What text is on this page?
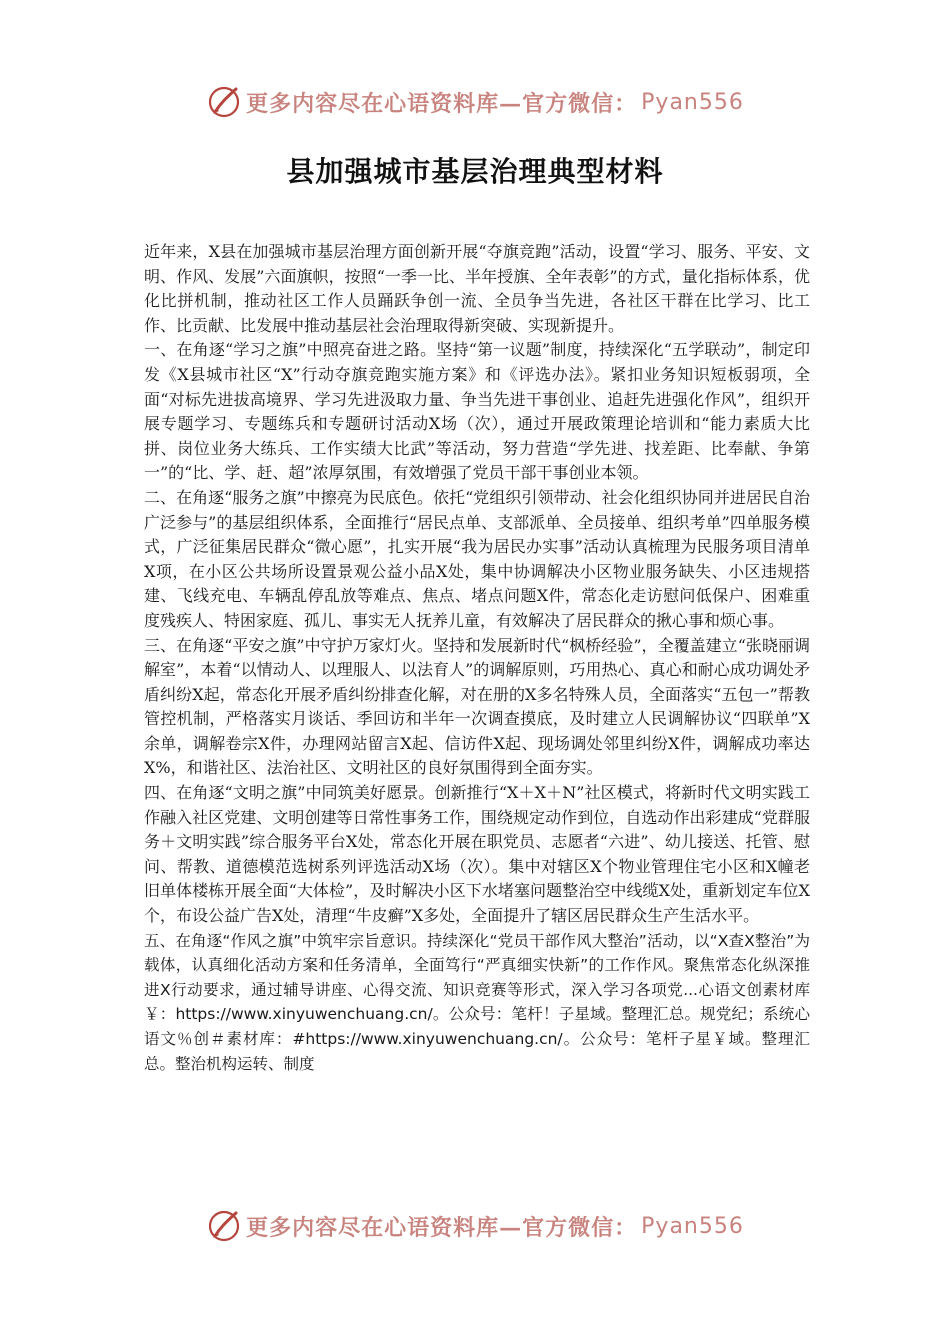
更多内容尽在心语资料库—官方微信： Pyan556
县加强城市基层治理典型材料

近年来，X县在加强城市基层治理方面创新开展“夺旗竞跑”活动，设置“学习、服务、平安、文明、作风、发展”六面旗帜，按照“一季一比、半年授旗、全年表彰”的方式，量化指标体系，优化比拼机制，推动社区工作人员踊跃争创一流、全员争当先进，各社区干群在比学习、比工作、比贡献、比发展中推动基层社会治理取得新突破、实现新提升。

一、在角逐“学习之旗”中照亮奋进之路。坚持“第一议题”制度，持续深化“五学联动”，制定印发《X县城市社区“X”行动夺旗竞跑实施方案》和《评选办法》。紧扣业务知识短板弱项，全面“对标先进拔高境界、学习先进汲取力量、争当先进干事创业、追赶先进强化作风”，组织开展专题学习、专题练兵和专题研讨活动X场（次），通过开展政策理论培训和“能力素质大比拼、岗位业务大练兵、工作实绩大比武”等活动，努力营造“学先进、找差距、比奉献、争第一”的“比、学、赶、超”浓厚氛围，有效增强了党员干部干事创业本领。

二、在角逐“服务之旗”中擦亮为民底色。依托“党组织引领带动、社会化组织协同并进居民自治广泛参与”的基层组织体系，全面推行“居民点单、支部派单、全员接单、组织考单”四单服务模式，广泛征集居民群众“微心愿”，扎实开展“我为居民办实事”活动认真梳理为民服务项目清单X项，在小区公共场所设置景观公益小品X处，集中协调解决小区物业服务缺失、小区违规搭建、飞线充电、车辆乱停乱放等难点、焦点、堵点问题X件，常态化走访慰问低保户、困难重度残疾人、特困家庭、孤儿、事实无人抚养儿童，有效解决了居民群众的揪心事和烦心事。

三、在角逐“平安之旗”中守护万家灯火。坚持和发展新时代“枫桥经验”，全覆盖建立“张晓丽调解室”，本着“以情动人、以理服人、以法育人”的调解原则，巧用热心、真心和耐心成功调处矛盾纠纷X起，常态化开展矛盾纠纷排查化解，对在册的X多名特殊人员，全面落实“五包一”帮教管控机制，严格落实月谈话、季回访和半年一次调查摸底，及时建立人民调解协议“四联单”X余单，调解卷宗X件，办理网站留言X起、信访件X起、现场调处邻里纠纷X件，调解成功率达X%，和谐社区、法治社区、文明社区的良好氛围得到全面夯实。

四、在角逐“文明之旗”中同筑美好愿景。创新推行“X＋X＋N”社区模式，将新时代文明实践工作融入社区党建、文明创建等日常性事务工作，围绕规定动作到位，自选动作出彩建成“党群服务＋文明实践”综合服务平台X处，常态化开展在职党员、志愿者“六进”、幼儿接送、托管、慰问、帮教、道德模范选树系列评选活动X场（次）。集中对辖区X个物业管理住宅小区和X幢老旧单体楼栋开展全面“大体检”，及时解决小区下水堵塞问题整治空中线缆X处，重新划定车位X个，布设公益广告X处，清理“牛皮癣”X多处，全面提升了辖区居民群众生产生活水平。

五、在角逐“作风之旗”中筑牢宗旨意识。持续深化“党员干部作风大整治”活动，以“X查X整治”为载体，认真细化活动方案和任务清单，全面笃行“严真细实快新”的工作作风。聚焦常态化纵深推进X行动要求，通过辅导讲座、心得交流、知识竞赛等形式，深入学习各项党...心语文创素材库￥：https://www.xinyuwenchuang.cn/。公众号：笔杆！子星域。整理汇总。规党纪；系统心语文％创＃素材库：#https://www.xinyuwenchuang.cn/。公众号：笔杆子星￥域。整理汇总。整治机构运转、制度

更多内容尽在心语资料库—官方微信： Pyan556
